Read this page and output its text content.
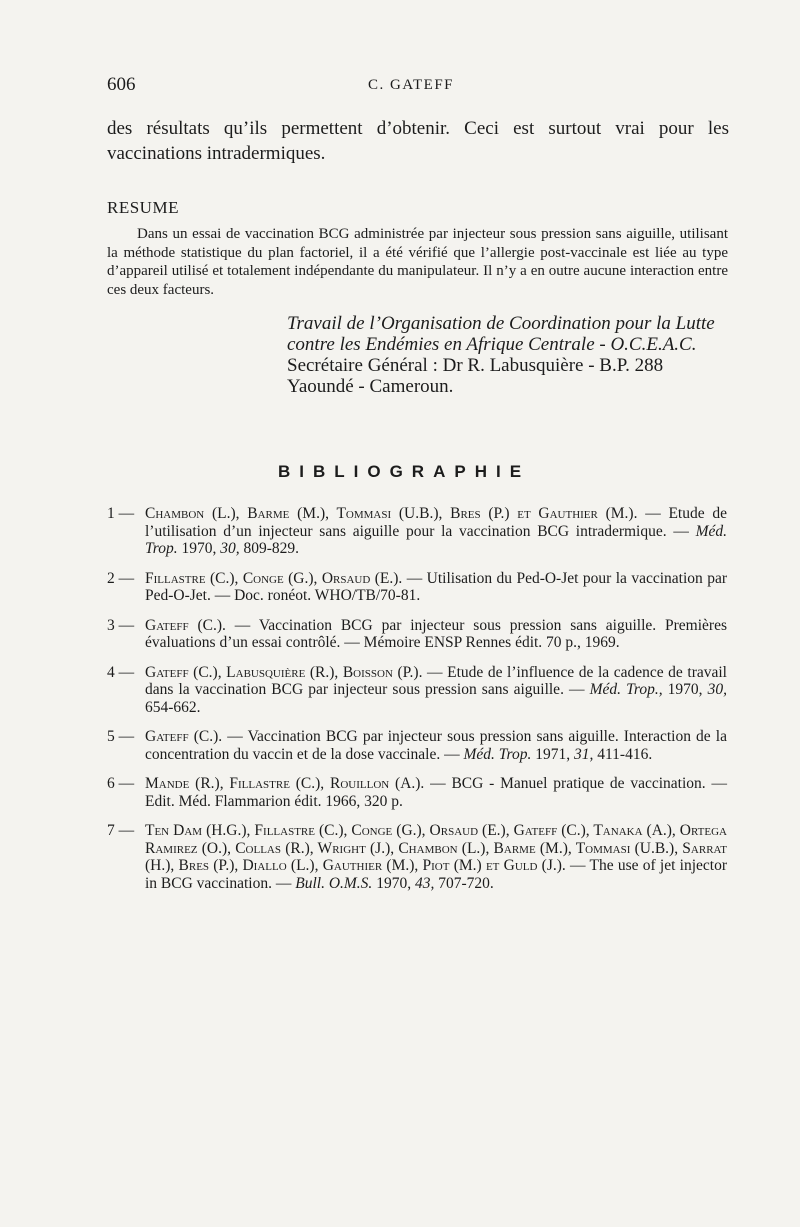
606	C. GATEFF

des résultats qu’ils permettent d’obtenir. Ceci est surtout vrai pour les vaccinations intradermiques.

RESUME

Dans un essai de vaccination BCG administrée par injecteur sous pression sans aiguille, utilisant la méthode statistique du plan factoriel, il a été vérifié que l’allergie post-vaccinale est liée au type d’appareil utilisé et totalement indépendante du manipulateur. Il n’y a en outre aucune interaction entre ces deux facteurs.

Travail de l’Organisation de Coordination pour la Lutte
contre les Endémies en Afrique Centrale - O.C.E.A.C.
Secrétaire Général : Dr R. Labusquière - B.P. 288
Yaoundé - Cameroun.
BIBLIOGRAPHIE
1 — Chambon (L.), Barme (M.), Tommasi (U.B.), Bres (P.) et Gauthier (M.). — Etude de l’utilisation d’un injecteur sans aiguille pour la vaccination BCG intradermique. — Méd. Trop. 1970, 30, 809-829.
2 — Fillastre (C.), Conge (G.), Orsaud (E.). — Utilisation du Ped-O-Jet pour la vaccination par Ped-O-Jet. — Doc. ronéot. WHO/TB/70-81.
3 — Gateff (C.). — Vaccination BCG par injecteur sous pression sans aiguille. Premières évaluations d’un essai contrôlé. — Mémoire ENSP Rennes édit. 70 p., 1969.
4 — Gateff (C.), Labusquière (R.), Boisson (P.). — Etude de l’influence de la cadence de travail dans la vaccination BCG par injecteur sous pression sans aiguille. — Méd. Trop., 1970, 30, 654-662.
5 — Gateff (C.). — Vaccination BCG par injecteur sous pression sans aiguille. Interaction de la concentration du vaccin et de la dose vaccinale. — Méd. Trop. 1971, 31, 411-416.
6 — Mande (R.), Fillastre (C.), Rouillon (A.). — BCG - Manuel pratique de vaccination. — Edit. Méd. Flammarion édit. 1966, 320 p.
7 — Ten Dam (H.G.), Fillastre (C.), Conge (G.), Orsaud (E.), Gateff (C.), Tanaka (A.), Ortega Ramirez (O.), Collas (R.), Wright (J.), Chambon (L.), Barme (M.), Tommasi (U.B.), Sarrat (H.), Bres (P.), Diallo (L.), Gauthier (M.), Piot (M.) et Guld (J.). — The use of jet injector in BCG vaccination. — Bull. O.M.S. 1970, 43, 707-720.
